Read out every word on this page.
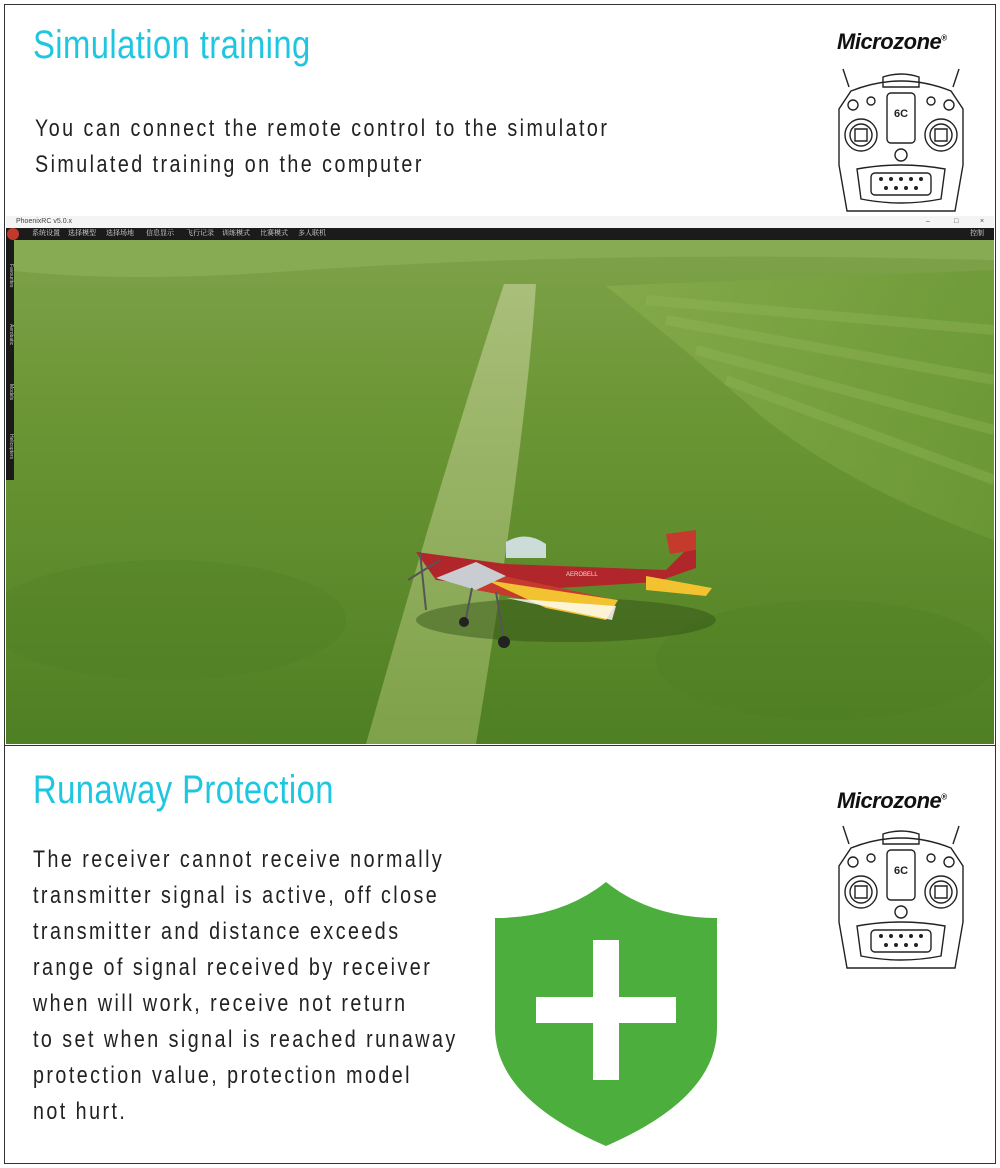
Simulation training
You can connect the remote control to the simulator
Simulated training on the computer
Microzone®
6C
AEROBELL
PhoenixRC v5.0.x	–	□	×
系统设置 选择模型 选择场地 信息显示 飞行记录 训练模式 比赛模式 多人联机	控制
Favourites
Aerobatic
Models
Helicopters
Runaway Protection
The receiver cannot receive normally
transmitter signal is active, off close
transmitter and distance exceeds
range of signal received by receiver
when will work, receive not return
to set when signal is reached runaway
protection value, protection model
not hurt.
Microzone®
6C
